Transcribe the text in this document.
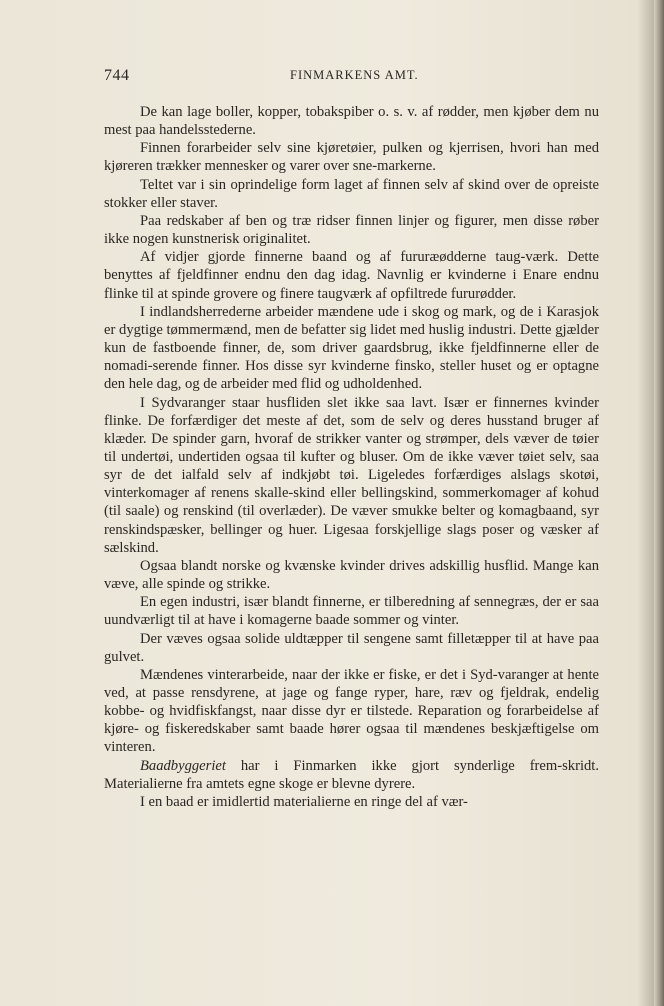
744	FINMARKENS AMT.

De kan lage boller, kopper, tobakspiber o. s. v. af rødder, men kjøber dem nu mest paa handelsstederne.

Finnen forarbeider selv sine kjøretøier, pulken og kjerrisen, hvori han med kjøreren trækker mennesker og varer over sne-markerne.

Teltet var i sin oprindelige form laget af finnen selv af skind over de opreiste stokker eller staver.

Paa redskaber af ben og træ ridser finnen linjer og figurer, men disse røber ikke nogen kunstnerisk originalitet.

Af vidjer gjorde finnerne baand og af fururæødderne taug-værk. Dette benyttes af fjeldfinner endnu den dag idag. Navnlig er kvinderne i Enare endnu flinke til at spinde grovere og finere taugværk af opfiltrede fururødder.

I indlandsherrederne arbeider mændene ude i skog og mark, og de i Karasjok er dygtige tømmermænd, men de befatter sig lidet med huslig industri. Dette gjælder kun de fastboende finner, de, som driver gaardsbrug, ikke fjeldfinnerne eller de nomadi-serende finner. Hos disse syr kvinderne finsko, steller huset og er optagne den hele dag, og de arbeider med flid og udholdenhed.

I Sydvaranger staar husfliden slet ikke saa lavt. Især er finnernes kvinder flinke. De forfærdiger det meste af det, som de selv og deres husstand bruger af klæder. De spinder garn, hvoraf de strikker vanter og strømper, dels væver de tøier til undertøi, undertiden ogsaa til kufter og bluser. Om de ikke væver tøiet selv, saa syr de det ialfald selv af indkjøbt tøi. Ligeledes forfærdiges alslags skotøi, vinterkomager af renens skalle-skind eller bellingskind, sommerkomager af kohud (til saale) og renskind (til overlæder). De væver smukke belter og komagbaand, syr renskindspæsker, bellinger og huer. Ligesaa forskjellige slags poser og væsker af sælskind.

Ogsaa blandt norske og kvænske kvinder drives adskillig husflid. Mange kan væve, alle spinde og strikke.

En egen industri, især blandt finnerne, er tilberedning af sennegræs, der er saa uundværligt til at have i komagerne baade sommer og vinter.

Der væves ogsaa solide uldtæpper til sengene samt filletæpper til at have paa gulvet.

Mændenes vinterarbeide, naar der ikke er fiske, er det i Syd-varanger at hente ved, at passe rensdyrene, at jage og fange ryper, hare, ræv og fjeldrak, endelig kobbe- og hvidfiskfangst, naar disse dyr er tilstede. Reparation og forarbeidelse af kjøre- og fiskeredskaber samt baade hører ogsaa til mændenes beskjæftigelse om vinteren.

Baadbyggeriet har i Finmarken ikke gjort synderlige frem-skridt. Materialierne fra amtets egne skoge er blevne dyrere.

I en baad er imidlertid materialierne en ringe del af vær-
